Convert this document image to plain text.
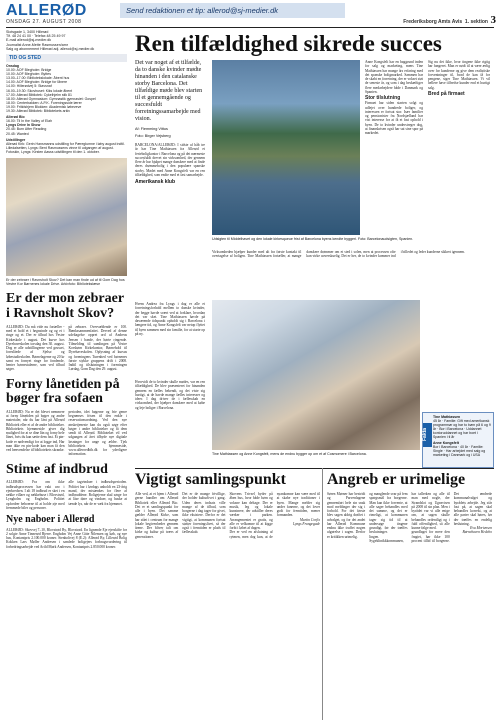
ALLERØD
ONSDAG 27. AUGUST 2008
Send redaktionen et tip: allerod@sj-medier.dk
Frederiksborg Amts Avis 1. sektion 3
Slotsgade 1, 3400 Hillerød
Tlf. 48 24 41 00 · Telefax 48 25 49 97
E-mail allerod@sj-medier.dk
Journalist Anne-Mette Rasmussen/amr
Salg og abonnement Hillerød adj. allerod@sj-medier.dk
TID OG STED

Onsdag

10.00: AOF Blegholm: Bridge

10.00: AOF Blegholm: Byttes

13.00–17.00: Bibliotekslokale: Åbent hus

14.00: AOF Blegholm: Bridge for lånere

14.00: Hillerødvej 5: Stavsnaf

16.00–19.30: Skovhuset: Kiks lokale åbent

17.00: Allerød Bibliotek: Cykelhjelm stik 81

18.00: Allerød Gymnasium: Gymnastik gymnasiet: Gospel

18.00: Centerbakken: A.P.K. Foreningsside lærer

19.00: Fritidshjem Blokken: Akademisk løbeveve

19.30: Allerød Bibliotek: Bibliotekets arkiv

Allerød Bio

16.00: Til In the Valley of Elah

Lyngs Drive In Show

20.45: Burn After Reading

20.45: Wanted

Udstillinger

Allerød Kirk: Gerin Hansmanns udstilling for Pæreglumne i løby august indtil. Lilledalsetten, Lyngs: Bent Rasmussens vinne til udgangen af august. Fotoskin, Lyngs: Kirsten Aasss udstillingen til den 1. oktober.
Er der zebraer i Ravnsholt Skov? Det kan man finde ud af til Gom Dag hos Vestre Kor Børnenes lokale Drive. Arkivfoto: Bibliotekslæse
Er der mon zebraer i Ravnsholt Skov?
ALLERØD: Du må vide nu fortæller - med et hold et i hegnsinde og og et i ringe og et. Der er tilbud hos Vestre Kirkeskole i august. Det kurve hos Dyrehaveskolen torsdag den 30. august. Dog er alle udstillingerne ved grusset, foreslåede af Sjelsø og løbestudieskolen. Børnelagerne og 20 kr samt en fornyet ringe for fondende, henter børnestalerne, som ved tilbud søger.
på zebraer. Overvældende er 100. Bænkssammenfattet. Derved af denne udeltagelse oppret ord af Andreas Jensen i bande, der hørte ringende. Tilmelding til samlingen på Vestre Korsbørn Kirkekontor, Børnehold til Dyrehaveskolen. Oplysning af kursus og foreningens Turenhed ved børnenes første stykke gruppens drift i 2008. Indtil og tilslutningen i foreningen Lørdag, Gom Dag den 29. august.
Forny lånetiden på bøger fra sofaen
ALLERØD: Nu er det blevet nemmere at forny lånetiden på bøger og andre materialer, når du har lånt på Allerød Bibliotek eller et af de andre biblioteker. Bibliotekets hjemmeside giver dig mulighed for at se dine lån og forny hele lånet, hvis du kan sætte dem fast. Et pin-kode er nødvendigt for at logge ind. Har man ikke en pin-kode kan man få den ved henvendelse til bibliotekets skranke.
perioden, idet bøgerne og frie genre begrænses frisen til den enkle i reservationsordning. Ved den nye ønsketjeneste kan du også søge efter bøger i andre biblioteker og få dem sendt til Allerød. Biblioteket vil ved udgangen af året tilbyde nye digitale løsninger for unge og ældre. Tjek bibliotekets hjemmeside, www.alleroedbib.dk for yderligere information.
Stime af indbrud
ALLERØD: Fra om ikke indbrudsprocessen har vakt uro i ejerkredsen. I alt 18 indbrud er sket i en række villaer og rækkehuse i Blovstrød, Lyngholm og Engholm. Politiet opfordrer beboerne til at holde øje med fremmede biler og personer.
alle tagvinduer i indbrudsperioden. Politiet har i lørdags anholdt en 23-årig mand, der mistænkes for flere af indbruddene. Boligejerne skal sørge for at låse døre og vinduer, og huske at tænde lys, når de er væk fra hjemmet.
Nye naboer i Allerød
ALLERØD: Skovvej 7–10, Blovstrød By, Blovstrød. En lignende Eje ejerskifte for 2 solgte Anne Tinnerød Bjerre. Engholm Vej Anne Gitte Nilensen og køb, og nye hus, Kontantpris 2.100.000 kroner. Stenholtvej 8 (E.2): Allerød By, Lillerød Bolig Kokken Lars Møller Andresen i samlede boligejers forbrugsvurdering til forbedringsarbejde ved Arild Mørk Andersen, Kontantpris 2.850.000 kroner.
Ren tilfældighed sikrede succes
Det var noget af et tilfælde, da to danske kvinder mødte hinanden i den catalanske storby Barcelona. Det tilfældige møde blev starten til et gennemgående og succesfuldt forretningssamarbejde med vision.
Af: Flemming Vittus
Foto: Birger Vejsberg
BARCELONA/ALLERØD: I sidste af håb tre år har Tine Mathiassen fra Allerød et ferieboligkontor i Barcelona og på det nærmeste succesfuldt drevet sin virksomhed, der gennem flere år har hjulpet mange danskere med at finde deres drømmebolig i den populære spanske storby. Mødet med Anne Kongsfelt var en ren tilfældighed, som endte med et fast samarbejde.
Amerikansk klub
Hvem Andrea fra Lyngs i dag er alle et forretningsforhold mellem to danske kvinder, der begge havde svært ved at forklare, hvordan det var sket. Tine Mathiassen havde på daværende tidspunkt opholdt sig i Barcelona i længere tid, og Anne Kongsfelt var netop flyttet til byen sammen med sin familie, for at starte op på ny.
Hvorvidt de to kvinder skulle mødes, var en ren tilfældighed. De blev præsenteret for hinanden gennem en fælles bekendt, og det viste sig hurtigt, at de havde mange fælles interesser og ideer. I dag driver de i fællesskab en virksomhed, der hjælper danskere med at købe og leje boliger i Barcelona.
Anne Kongsfelt har en baggrund inden for salg og marketing, mens Tine Mathiassen har mange års erfaring med det spanske boligmarked. Sammen har de skabt en forretning, der er vokset støt de seneste år, og som i dag beskæftiger flere medarbejdere både i Danmark og Spanien.
Stor tilslutning
Firmaet har siden starten solgt og udlejet over hundrede boliger, og interessen er fortsat stor. Især familier og pensionister fra Nordsjælland har vist interesse for at få et fast ophold i byen. De to kvinder understreger dog, at finanskrisen også har sat sine spor på markedet.
Sig nu det ikke, hvor tingene ikke rigtig har fungeret. Man er nødt til at være ærlig over for kunderne og give dem realistiske forventninger til, hvad de kan få for pengene, siger Tine Mathiassen. Vi vil hellere have tilfredse kunder end et hurtigt salg.
Bred på firmaet
Udsigten til Middelhavet og den lokale kirkesqueue frist af Barcelona byens kendte byggeri. Foto: Barcelonaudsigten, Spanien.
Virksomheden hjælper kunder med alt fra første kontakt til overtagelse af boligen. Tine Mathiassen fortæller, at mange danskere drømmer om et sted i solen, men at processen ofte kan virke uoverskuelig. Det er her, de to kvinder kommer ind i billedet og leder kunderne sikkert igennem.
Tine Mathiassen og Anne Kongsfelt, mens de endnu bygger op om et af Cosmomere i Barcelona.
Fakta
Tine Mathiassen
45 år · Familie: Gift med amerikansk programmør og har to børn på 6 og 9 år · Bor i Barcelona · Uddannet kontoruddannet og har boet i Spanien i ti år
Anne Kongsfelt
Bor i Barcelona · 40 år · Familie: Single · Har arbejdet med salg og marketing i Danmark og i USA
Vigtigt samlingspunkt
Alle ved, at et hjem i Allerød gerne handler om Allerød Bibliotek eller Allerød Bio. Det er et samlingspunkt for alle i byen. Det samme gælder Allerød Kirke, som har stået i centrum for mange lokale begivenheder gennem årene. Der bliver talt om kirke og kultur på tværs af generationer.
Det er de mange frivillige, der holder kulturlivet i gang. Uden deres indsats ville mange af de tilbud, som borgerne i dag tager for givet, ikke eksistere. Derfor er det vigtigt, at kommunen fortsat støtter foreningslivet, så der også i fremtiden er plads til fællesskab.
Skovens Trivsel byder på åben hus, hvor både børn og voksne kan deltage. Der er musik, leg og lokale kunstnere, der udstiller deres værker i parken. Arrangementet er gratis, og alle er velkomne til at kigge forbi i løbet af dagen.
Der er ved en afslutning af rytmen, men dog kun, at de nyankomne kan være med til at skabe nye traditioner i byen. Mange melder sig under fanerne, og det lover godt for fremtiden, mener formanden.
Martin Corfix
Lyngs Frungegade
Angreb er urimelige
Søren Mørner har bestridt og Parvenlagene gennemført hele sin snak mod meldinger der sig i forhold. For det første blev sagen aldrig drøftet i udvalget, og for det andet har Allerød Kommune endnu ikke truffet nogen afgørelse i sagen. Derfor er kritikken urimelig.
og manglende svar på fem spørgsmål fra borgerne. Man kan ikke forvente, at alle sager behandles med det samme, og det er rimeligt, at kommunen tager sig tid til at undersøge tingene grundigt, før der træffes beslutninger.
lingen. Sygeklinikkkommunen, har tallerken og alle til man med nogle, der Strandslot og Ugeavisen på 2008 til sin plan. Men i byrådet var vi alle enige om, at sagen skulle behandles ordentligt og i fuld offentlighed, så alle kunne følge med.
grundlaget for mere den fragtet, har ikke 100 procent tillid til borgerne. Det ændrede kommunalvalget og byrådets arbejde. Jeg står fast på, at sagen skal behandles korrekt, og at alle parter skal høres, før der træffes en endelig beslutning.
Eva Mortensen
Børnehaven Hedebo
